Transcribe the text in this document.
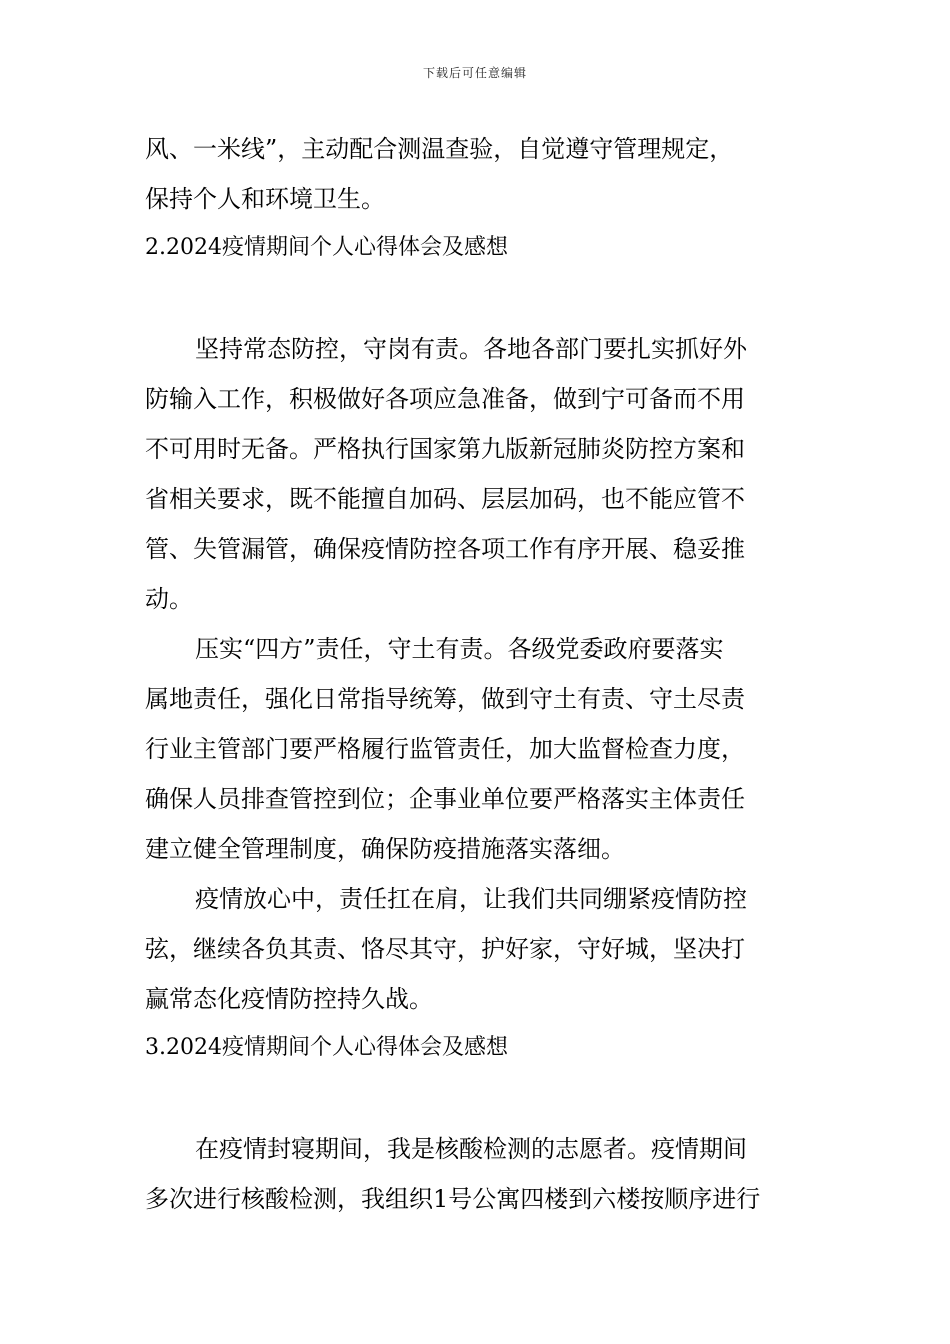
下载后可任意编辑
风、一米线”，主动配合测温查验，自觉遵守管理规定，
保持个人和环境卫生。
2.2024疫情期间个人心得体会及感想
坚持常态防控，守岗有责。各地各部门要扎实抓好外
防输入工作，积极做好各项应急准备，做到宁可备而不用
不可用时无备。严格执行国家第九版新冠肺炎防控方案和
省相关要求，既不能擅自加码、层层加码，也不能应管不
管、失管漏管，确保疫情防控各项工作有序开展、稳妥推
动。
压实“四方”责任，守土有责。各级党委政府要落实
属地责任，强化日常指导统筹，做到守土有责、守土尽责
行业主管部门要严格履行监管责任，加大监督检查力度，
确保人员排查管控到位；企事业单位要严格落实主体责任
建立健全管理制度，确保防疫措施落实落细。
疫情放心中，责任扛在肩，让我们共同绷紧疫情防控
弦，继续各负其责、恪尽其守，护好家，守好城，坚决打
赢常态化疫情防控持久战。
3.2024疫情期间个人心得体会及感想
在疫情封寝期间，我是核酸检测的志愿者。疫情期间
多次进行核酸检测，我组织1号公寓四楼到六楼按顺序进行
